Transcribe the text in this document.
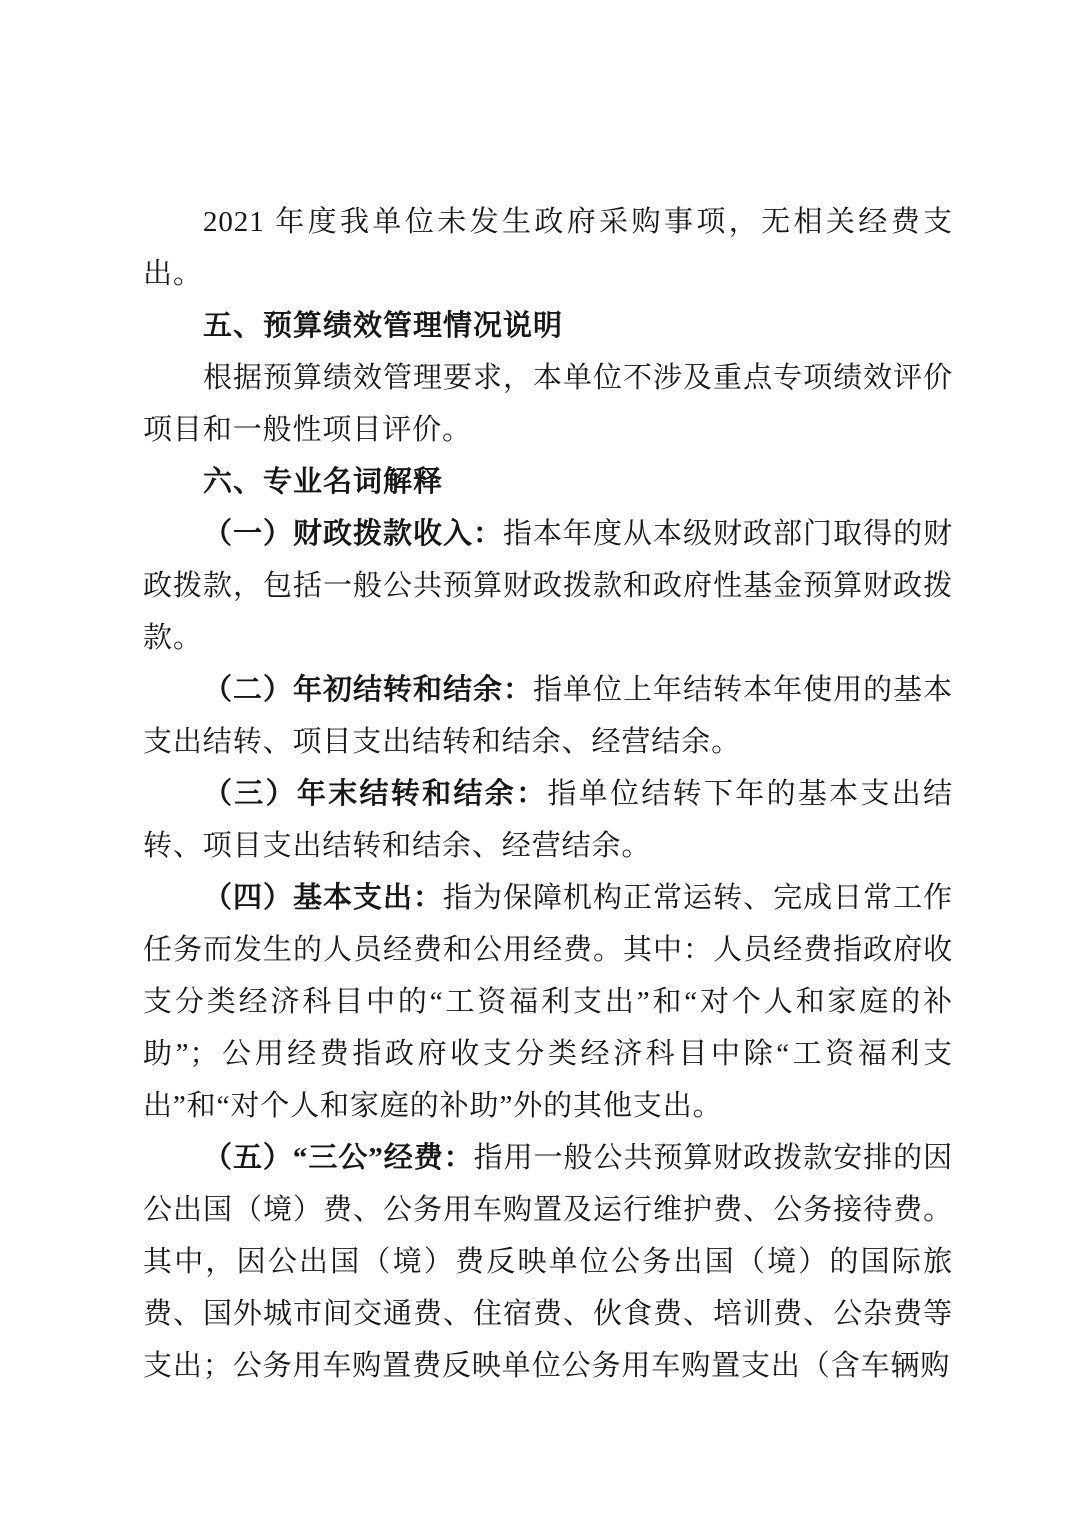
2021 年度我单位未发生政府采购事项，无相关经费支出。

五、预算绩效管理情况说明

根据预算绩效管理要求，本单位不涉及重点专项绩效评价项目和一般性项目评价。

六、专业名词解释

（一）财政拨款收入：指本年度从本级财政部门取得的财政拨款，包括一般公共预算财政拨款和政府性基金预算财政拨款。

（二）年初结转和结余：指单位上年结转本年使用的基本支出结转、项目支出结转和结余、经营结余。

（三）年末结转和结余：指单位结转下年的基本支出结转、项目支出结转和结余、经营结余。

（四）基本支出：指为保障机构正常运转、完成日常工作任务而发生的人员经费和公用经费。其中：人员经费指政府收支分类经济科目中的“工资福利支出”和“对个人和家庭的补助”；公用经费指政府收支分类经济科目中除“工资福利支出”和“对个人和家庭的补助”外的其他支出。

（五）“三公”经费：指用一般公共预算财政拨款安排的因公出国（境）费、公务用车购置及运行维护费、公务接待费。其中，因公出国（境）费反映单位公务出国（境）的国际旅费、国外城市间交通费、住宿费、伙食费、培训费、公杂费等支出；公务用车购置费反映单位公务用车购置支出（含车辆购
